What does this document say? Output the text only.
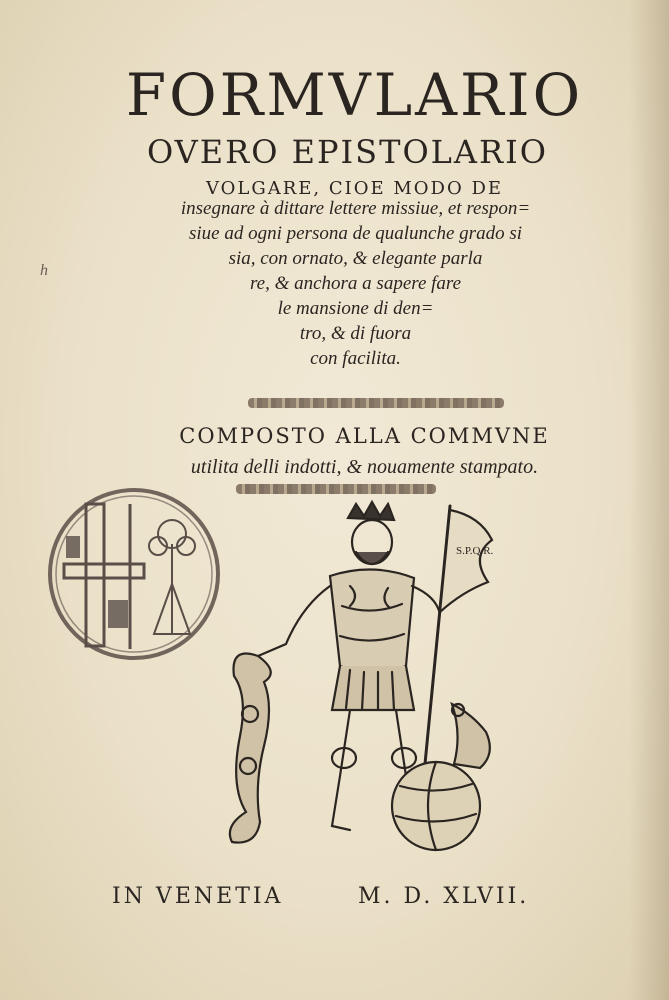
h
FORMVLARIO
OVERO EPISTOLARIO
VOLGARE, CIOE MODO DE
insegnare à dittare lettere missiue, et respon=
siue ad ogni persona de qualunche grado si
sia, con ornato, & elegante parla
re, & anchora a sapere fare
le mansione di den=
tro, & di fuora
con facilita.
COMPOSTO ALLA COMMVNE
utilita delli indotti, & nouamente stampato.
S.P.Q.R.
IN VENETIA	M. D. XLVII.
